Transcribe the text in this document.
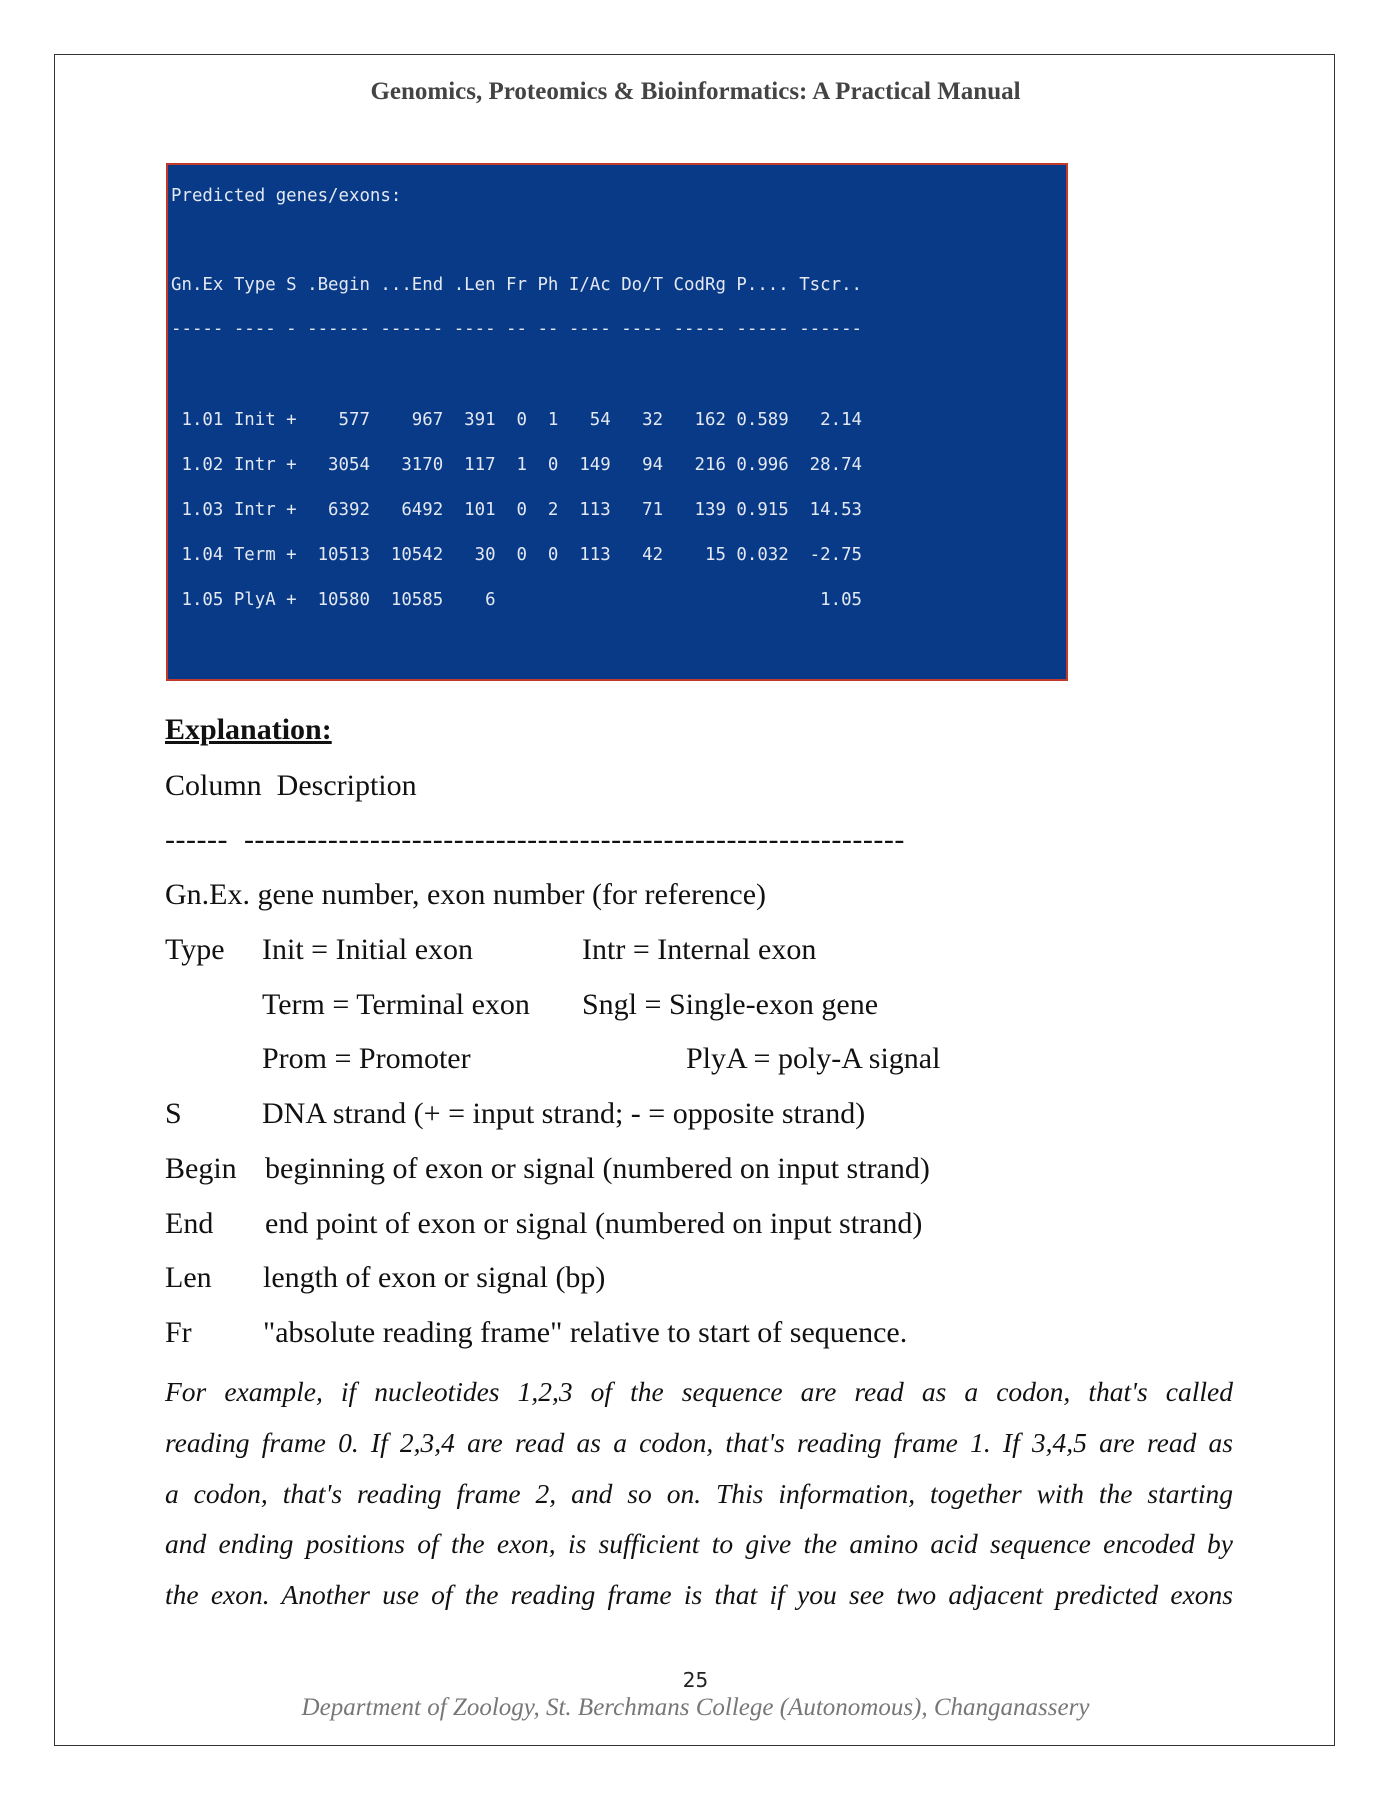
Genomics, Proteomics & Bioinformatics: A Practical Manual
Predicted genes/exons:
Gn.Ex Type S .Begin ...End .Len Fr Ph I/Ac Do/T CodRg P.... Tscr..
----- ---- - ------ ------ ---- -- -- ---- ---- ----- ----- ------
1.01 Init +    577    967  391  0  1   54   32   162 0.589   2.14
1.02 Intr +   3054   3170  117  1  0  149   94   216 0.996  28.74
1.03 Intr +   6392   6492  101  0  2  113   71   139 0.915  14.53
1.04 Term +  10513  10542   30  0  0  113   42    15 0.032  -2.75
1.05 PlyA +  10580  10585    6                               1.05
Explanation:
Column  Description
------  ---------------------------------------------------------------
Gn.Ex. gene number, exon number (for reference)
Type Init = Initial exon	Intr = Internal exon
Term = Terminal exon Sngl = Single-exon gene
Prom = Promoter	PlyA = poly-A signal
S	DNA strand (+ = input strand; - = opposite strand)
Begin beginning of exon or signal (numbered on input strand)
End end point of exon or signal (numbered on input strand)
Len length of exon or signal (bp)
Fr "absolute reading frame" relative to start of sequence.
For example, if nucleotides 1,2,3 of the sequence are read as a codon, that's called
reading frame 0. If 2,3,4 are read as a codon, that's reading frame 1. If 3,4,5 are read as
a codon, that's reading frame 2, and so on. This information, together with the starting
and ending positions of the exon, is sufficient to give the amino acid sequence encoded by
the exon. Another use of the reading frame is that if you see two adjacent predicted exons
25
Department of Zoology, St. Berchmans College (Autonomous), Changanassery
